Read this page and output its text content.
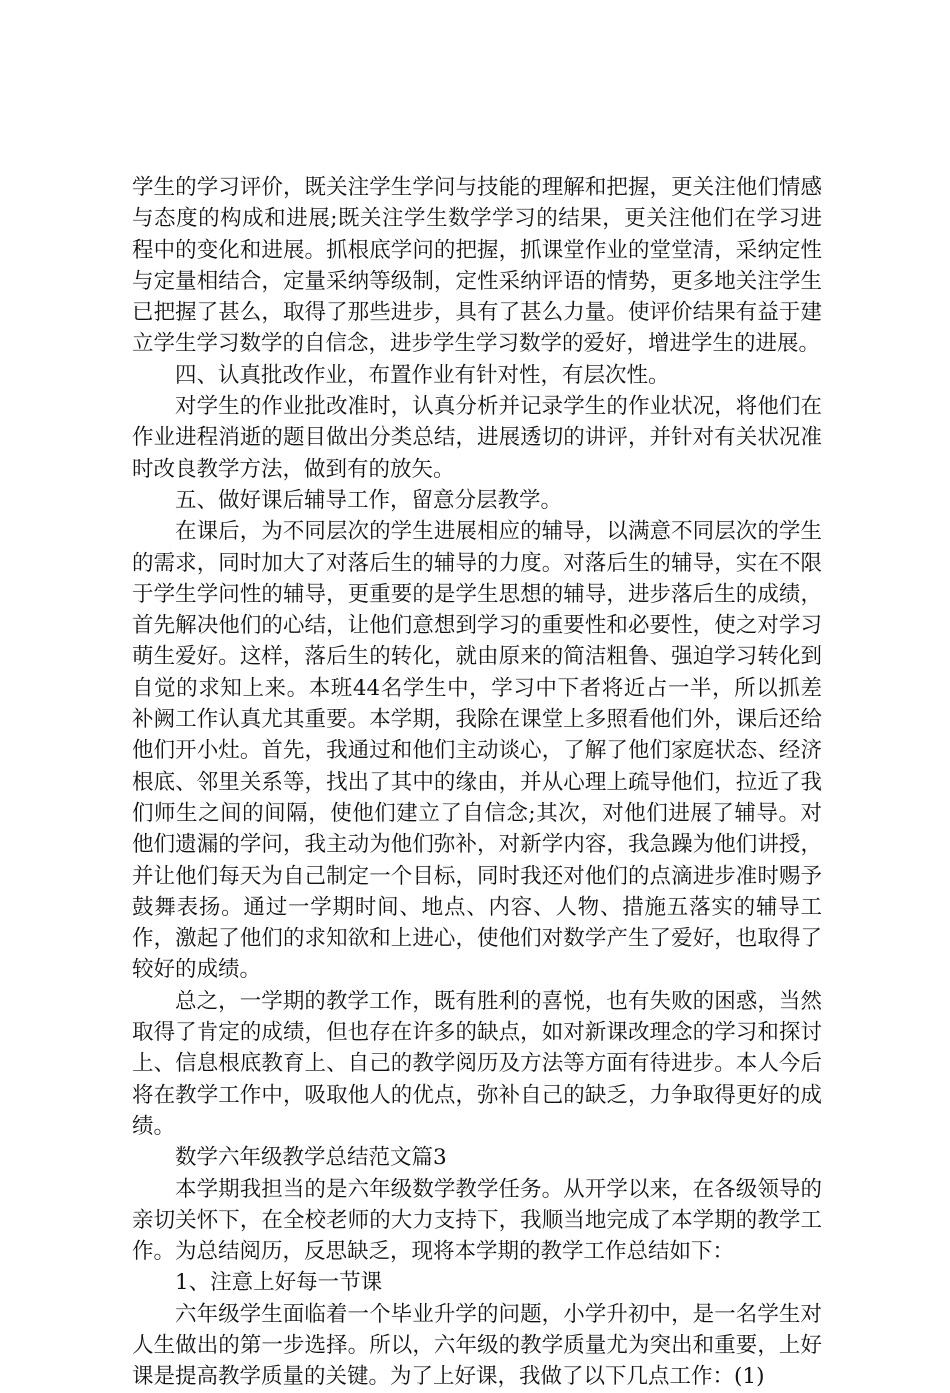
学生的学习评价，既关注学生学问与技能的理解和把握，更关注他们情感与态度的构成和进展;既关注学生数学学习的结果，更关注他们在学习进程中的变化和进展。抓根底学问的把握，抓课堂作业的堂堂清，采纳定性与定量相结合，定量采纳等级制，定性采纳评语的情势，更多地关注学生已把握了甚么，取得了那些进步，具有了甚么力量。使评价结果有益于建立学生学习数学的自信念，进步学生学习数学的爱好，增进学生的进展。

四、认真批改作业，布置作业有针对性，有层次性。

对学生的作业批改准时，认真分析并记录学生的作业状况，将他们在作业进程消逝的题目做出分类总结，进展透切的讲评，并针对有关状况准时改良教学方法，做到有的放矢。

五、做好课后辅导工作，留意分层教学。

在课后，为不同层次的学生进展相应的辅导，以满意不同层次的学生的需求，同时加大了对落后生的辅导的力度。对落后生的辅导，实在不限于学生学问性的辅导，更重要的是学生思想的辅导，进步落后生的成绩，首先解决他们的心结，让他们意想到学习的重要性和必要性，使之对学习萌生爱好。这样，落后生的转化，就由原来的简洁粗鲁、强迫学习转化到自觉的求知上来。本班44名学生中，学习中下者将近占一半，所以抓差补阙工作认真尤其重要。本学期，我除在课堂上多照看他们外，课后还给他们开小灶。首先，我通过和他们主动谈心，了解了他们家庭状态、经济根底、邻里关系等，找出了其中的缘由，并从心理上疏导他们，拉近了我们师生之间的间隔，使他们建立了自信念;其次，对他们进展了辅导。对他们遗漏的学问，我主动为他们弥补，对新学内容，我急躁为他们讲授，并让他们每天为自己制定一个目标，同时我还对他们的点滴进步准时赐予鼓舞表扬。通过一学期时间、地点、内容、人物、措施五落实的辅导工作，激起了他们的求知欲和上进心，使他们对数学产生了爱好，也取得了较好的成绩。

总之，一学期的教学工作，既有胜利的喜悦，也有失败的困惑，当然取得了肯定的成绩，但也存在许多的缺点，如对新课改理念的学习和探讨上、信息根底教育上、自己的教学阅历及方法等方面有待进步。本人今后将在教学工作中，吸取他人的优点，弥补自己的缺乏，力争取得更好的成绩。

数学六年级教学总结范文篇3

本学期我担当的是六年级数学教学任务。从开学以来，在各级领导的亲切关怀下，在全校老师的大力支持下，我顺当地完成了本学期的教学工作。为总结阅历，反思缺乏，现将本学期的教学工作总结如下：

1、注意上好每一节课

六年级学生面临着一个毕业升学的问题，小学升初中，是一名学生对人生做出的第一步选择。所以，六年级的教学质量尤为突出和重要，上好课是提高教学质量的关键。为了上好课，我做了以下几点工作：(1)
